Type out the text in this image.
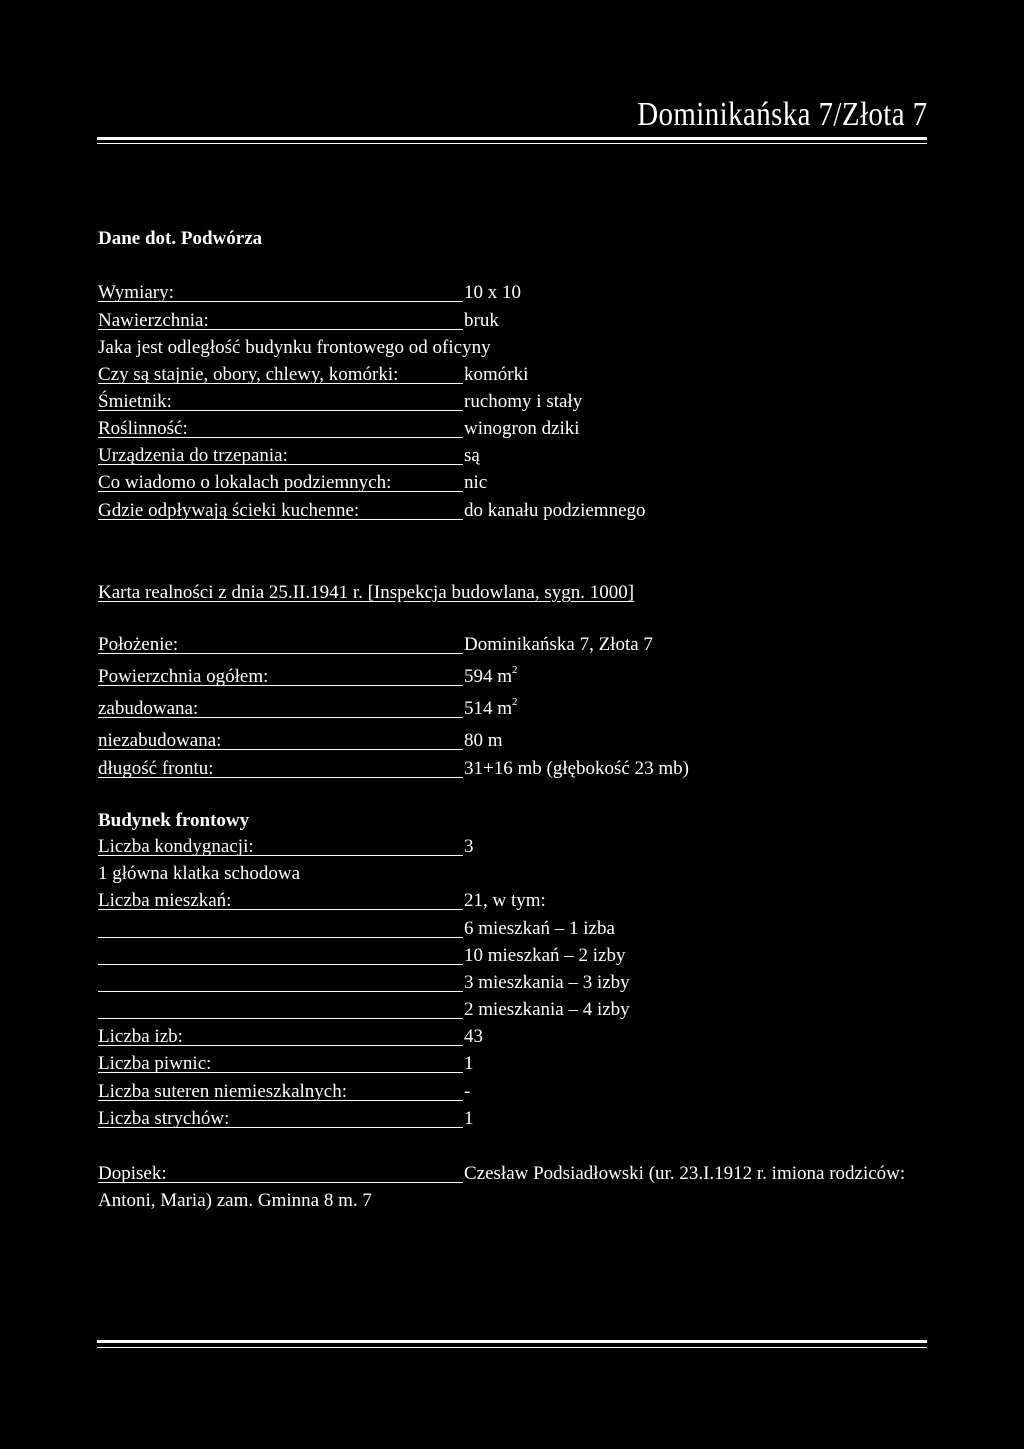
Dominikańska 7/Złota 7
Dane dot. Podwórza
Wymiary:	10 x 10
Nawierzchnia:	bruk
Jaka jest odległość budynku frontowego od oficyny
Czy są stajnie, obory, chlewy, komórki:	komórki
Śmietnik:	ruchomy i stały
Roślinność:	winogron dziki
Urządzenia do trzepania:	są
Co wiadomo o lokalach podziemnych:	nic
Gdzie odpływają ścieki kuchenne:	do kanału podziemnego
Karta realności z dnia 25.II.1941 r. [Inspekcja budowlana, sygn. 1000]
Położenie:	Dominikańska 7, Złota 7
Powierzchnia ogółem:	594 $m^2$
zabudowana:	514 $m^2$
niezabudowana:	80 m
długość frontu:	31+16 mb (głębokość 23 mb)
Budynek frontowy
Liczba kondygnacji:	3
1 główna klatka schodowa
Liczba mieszkań:	21, w tym:
6 mieszkań – 1 izba
10 mieszkań – 2 izby
3 mieszkania – 3 izby
2 mieszkania – 4 izby
Liczba izb:	43
Liczba piwnic:	1
Liczba suteren niemieszkalnych:	-
Liczba strychów:	1
Dopisek:	Czesław Podsiadłowski (ur. 23.I.1912 r. imiona rodziców:
Antoni, Maria) zam. Gminna 8 m. 7
